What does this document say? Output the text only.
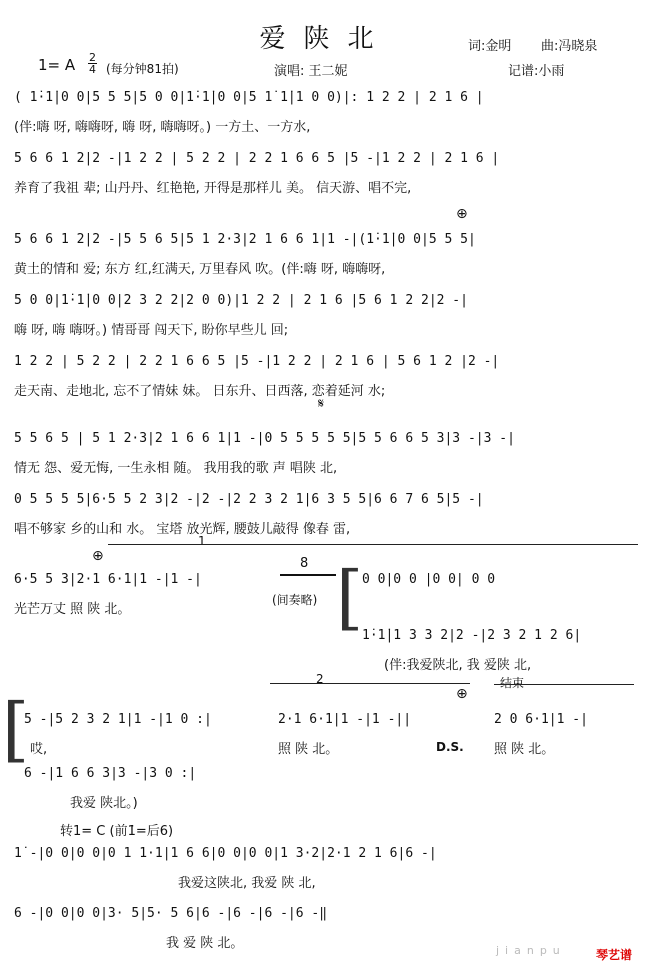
爱陕北	词:金明 曲:冯晓泉
1= A 2
4 (每分钟81拍)	演唱: 王二妮	记谱:小雨
( 1̇·1̇|0 0|5 5 5|5 0 0|1̇·1̇|0 0|5 1̇ 1̇|1 0 0)|: 1 2 2 | 2 1 6 |
(伴:嗨 呀, 嗨嗨呀, 嗨 呀, 嗨嗨呀。) 一方土、一方水,
5 6 6 1 2|2 -|1 2 2 | 5 2 2 | 2 2 1 6 6 5 |5 -|1 2 2 | 2 1 6 |
养育了我祖 辈; 山丹丹、红艳艳, 开得是那样儿 美。 信天游、唱不完,
⊕
5 6 6 1 2|2 -|5 5 6 5|5 1 2·3|2 1 6 6 1|1 -|(1̇·1̇|0 0|5 5 5|
黄土的情和 爱; 东方 红,红满天, 万里春风 吹。(伴:嗨 呀, 嗨嗨呀,
5 0 0|1̇·1̇|0 0|2 3 2 2|2 0 0)|1 2 2 | 2 1 6 |5 6 1 2 2|2 -|
嗨 呀, 嗨 嗨呀。) 情哥哥 闯天下, 盼你早些儿 回;
1 2 2 | 5 2 2 | 2 2 1 6 6 5 |5 -|1 2 2 | 2 1 6 | 5 6 1 2 |2 -|
走天南、走地北, 忘不了情妹 妹。 日东升、日西落, 恋着延河 水;
𝄋
5 5 6 5 | 5 1 2·3|2 1 6 6 1|1 -|0 5 5 5 5 5|5 5 6 6 5 3|3 -|3 -|
情无 怨、爱无悔, 一生永相 随。 我用我的歌 声 唱陕 北,
0 5 5 5 5|6·5 5 2 3|2 -|2 -|2 2 3 2 1|6 3 5 5|6 6 7 6 5|5 -|
唱不够家 乡的山和 水。 宝塔 放光辉, 腰鼓儿敲得 像春 雷,
⊕
1
6·5 5 3|2·1 6·1|1 -|1 -|
光芒万丈 照 陕 北。
8
(间奏略) [
0 0|0 0 |0 0| 0 0
1̇·1̇|1 3 3 2|2 -|2 3 2 1 2 6|
(伴:我爱陕北, 我 爱陕 北,
2	结束
⊕
[
5 -|5 2 3 2 1|1 -|1 0 :|	2·1 6·1|1 -|1 -||	2 0 6·1|1 -|
哎,	照 陕 北。	D.S. 照 陕 北。
6 -|1 6 6 3|3 -|3 0 :|
我爱 陕北。)
转1= C (前1̇=后6)
1̇ -|0 0|0 0|0 1 1·1|1 6 6|0 0|0 0|1 3·2|2·1 2 1 6|6 -|
我爱这陕北, 我爱 陕 北,
6 -|0 0|0 0|3· 5|5· 5 6|6 -|6 -|6 -|6 -‖
我 爱 陕 北。	jianpu	琴艺谱
